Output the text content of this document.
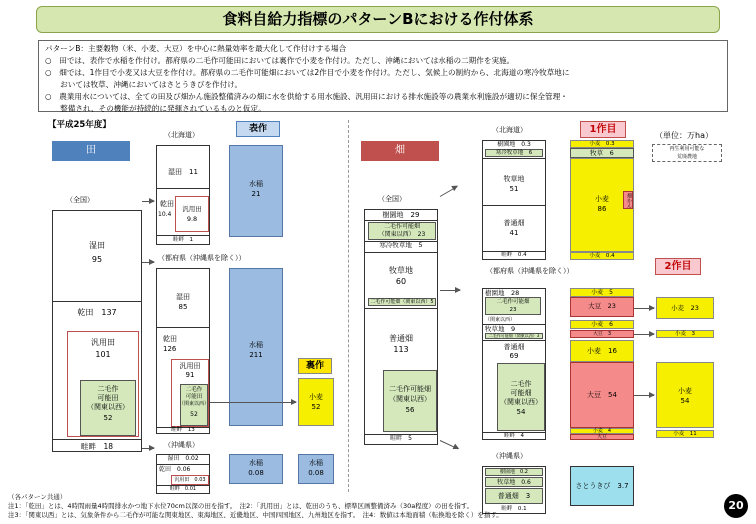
食料自給力指標のパターンBにおける作付体系
パターンB：主要穀物（米、小麦、大豆）を中心に熱量効率を最大化して作付けする場合
○　田では、表作で水稲を作付け。都府県の二毛作可能田においては裏作で小麦を作付け。ただし、沖縄においては水稲の二期作を実施。
○　畑では、1作目で小麦又は大豆を作付け。都府県の二毛作可能畑においては2作目で小麦を作付け。ただし、気候上の制約から、北海道の寒冷牧草地に
　　おいては牧草、沖縄においてはさとうきびを作付け。
○　農業用水については、全ての田及び畑かん施設整備済みの畑に水を供給する用水施設、汎用田における排水施設等の農業水利施設が適切に保全管理・
　　整備され、その機能が持続的に発揮されているものと仮定。
【平成25年度】
（単位：万ha）
田
表作
裏作
（全国）
湿田
95
乾田　137
汎用田
101
二毛作
可能田
（関東以西）
52
畦畔　18
（北海道）
湿田　11
乾田
10.4
汎用田
9.8
畦畔　1
水稲
21
（都府県（沖縄県を除く））
湿田
85
乾田
126
汎用田
91
二毛作
可能田
（関東以西）
52
畦畔　13
水稲
211
小麦
52
（沖縄県）
湿田　0.02
乾田　0.06
汎用田　0.03
畦畔　0.01
水稲
0.08
水稲
0.08
畑
1作目
2作目
（全国）
樹園地　29
二毛作可能畑
（関東以西）　23
寒冷牧草地　5
牧草地
60
二毛作可能畑（関東以西）5
普通畑
113
二毛作可能畑
（関東以西）
56
畦畔　5
（北海道）
樹園地　0.3
寒冷牧草地　6
牧草地
51
普通畑
41
畦畔　0.4
小麦　0.3
牧草　6
小麦
86
畑かん
小麦　0.4
再生利用可能な
荒廃農地
（都府県（沖縄県を除く））
樹園地　28
二毛作可能畑
23
（関東以西）
牧草地　9
二毛作可能畑（関東以西）3
普通畑
69
二毛作
可能畑
（関東以西）
54
畦畔　4
小麦　5
大豆　23
小麦　6
大豆　3
小麦　16
大豆　54
小麦　4
大豆
小麦　23
小麦　3
小麦
54
小麦　11
（沖縄県）
樹園地　0.2
牧草地　0.6
普通畑　3
畦畔　0.1
さとうきび　3.7
（各パターン共通）
注1：「乾田」とは、4時間雨量4時間排水かつ地下水位70cm以深の田を指す。　注2：「汎用田」とは、乾田のうち、標準区画整備済み（30a程度）の田を指す。
注3：「関東以西」とは、気象条件から二毛作が可能な関東地区、東海地区、近畿地区、中国四国地区、九州地区を指す。　注4：数値は本地面積（転換地を除く）を指す。
20
